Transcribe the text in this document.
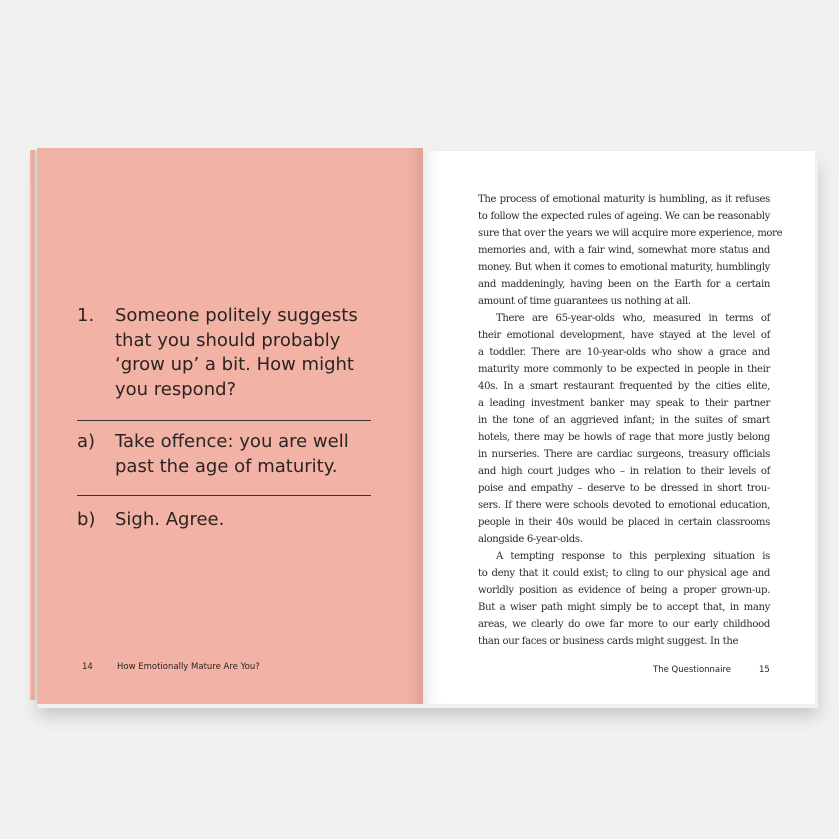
1. Someone politely suggests
that you should probably
‘grow up’ a bit. How might
you respond?
a) Take offence: you are well
past the age of maturity.
b) Sigh. Agree.
14	How Emotionally Mature Are You?
The process of emotional maturity is humbling, as it refuses
to follow the expected rules of ageing. We can be reasonably
sure that over the years we will acquire more experience, more
memories and, with a fair wind, somewhat more status and
money. But when it comes to emotional maturity, humblingly
and maddeningly, having been on the Earth for a certain
amount of time guarantees us nothing at all.
There are 65-year-olds who, measured in terms of
their emotional development, have stayed at the level of
a toddler. There are 10-year-olds who show a grace and
maturity more commonly to be expected in people in their
40s. In a smart restaurant frequented by the cities elite,
a leading investment banker may speak to their partner
in the tone of an aggrieved infant; in the suites of smart
hotels, there may be howls of rage that more justly belong
in nurseries. There are cardiac surgeons, treasury officials
and high court judges who – in relation to their levels of
poise and empathy – deserve to be dressed in short trou-
sers. If there were schools devoted to emotional education,
people in their 40s would be placed in certain classrooms
alongside 6-year-olds.
A tempting response to this perplexing situation is
to deny that it could exist; to cling to our physical age and
worldly position as evidence of being a proper grown-up.
But a wiser path might simply be to accept that, in many
areas, we clearly do owe far more to our early childhood
than our faces or business cards might suggest. In the
The Questionnaire	15
